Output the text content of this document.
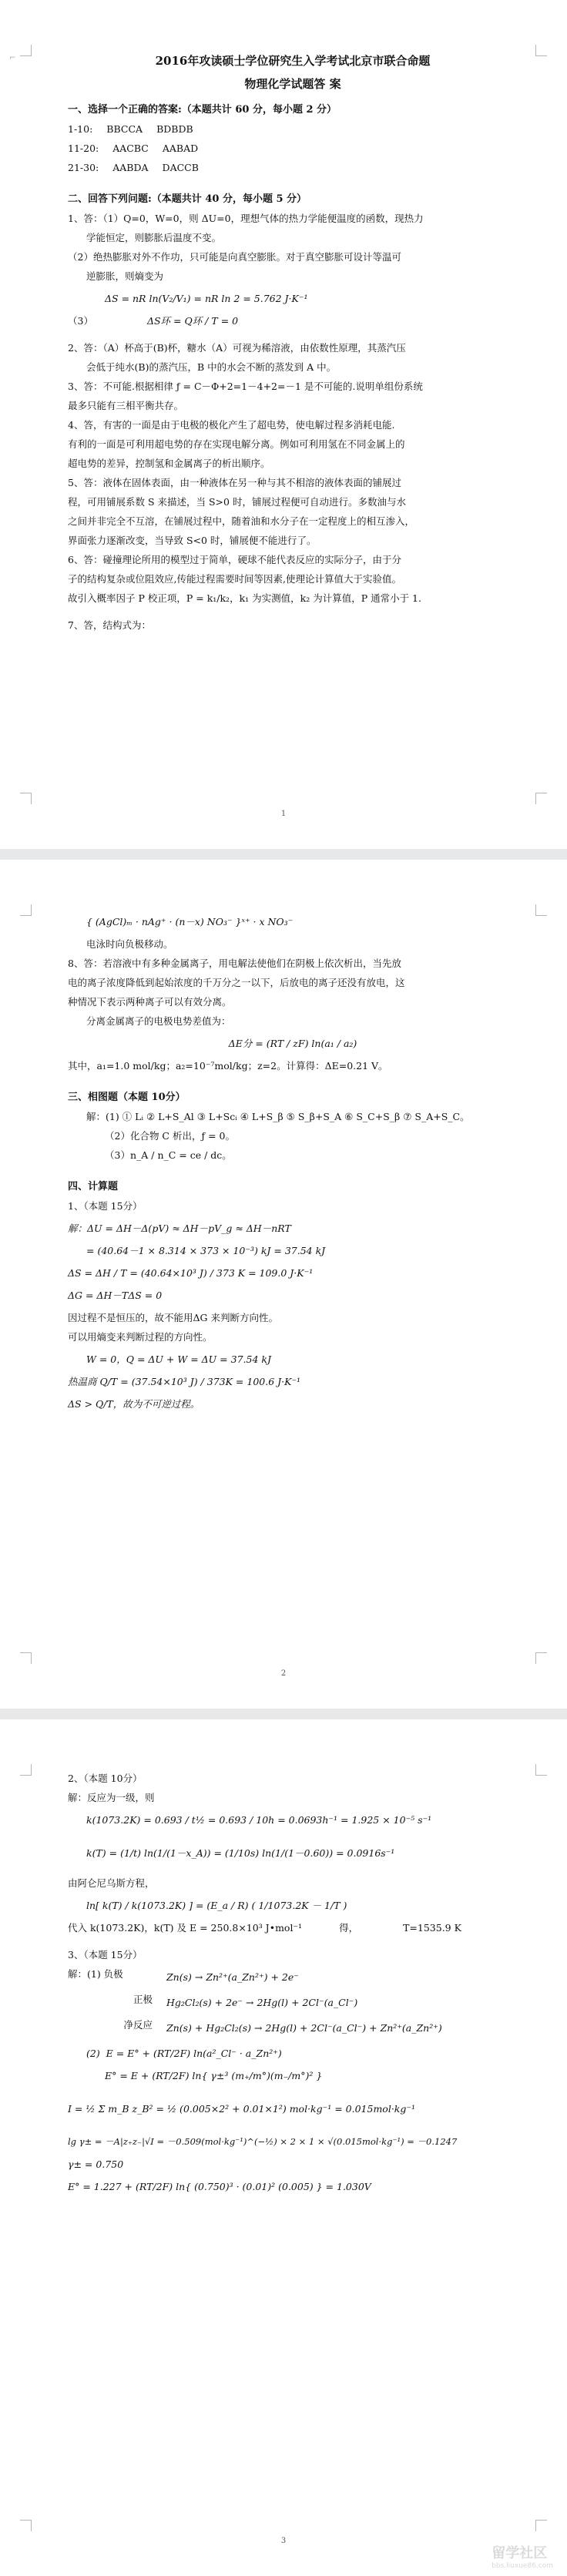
⌐	2016年攻读硕士学位研究生入学考试北京市联合命题
物理化学试题答 案
一、选择一个正确的答案:（本题共计 60 分，每小题 2 分）
1-10: BBCCA BDBDB
11-20: AACBC AABAD
21-30: AABDA DACCB
二、回答下列问题:（本题共计 40 分，每小题 5 分）
1、答：（1）Q=0，W=0，则 ΔU=0，理想气体的热力学能便温度的函数，现热力
学能恒定，则膨胀后温度不变。
（2）绝热膨胀对外不作功，只可能是向真空膨胀。对于真空膨胀可设计等温可
逆膨胀，则熵变为
ΔS = nR ln(V₂/V₁) = nR ln 2 = 5.762 J·K⁻¹
（3）	ΔS环 = Q环 / T = 0
2、答：（A）杯高于(B)杯，糖水（A）可视为稀溶液，由依数性原理，其蒸汽压
会低于纯水(B)的蒸汽压，B 中的水会不断的蒸发到 A 中。
3、答：不可能.根据相律 ƒ = C－Φ+2=1－4+2=－1 是不可能的.说明单组份系统
最多只能有三相平衡共存。
4、答，有害的一面是由于电极的极化产生了超电势，使电解过程多消耗电能.
有利的一面是可利用超电势的存在实现电解分离。例如可利用氢在不同金属上的
超电势的差异，控制氢和金属离子的析出顺序。
5、答：液体在固体表面，由一种液体在另一种与其不相溶的液体表面的铺展过
程，可用铺展系数 S 来描述，当 S>0 时，铺展过程便可自动进行。多数油与水
之间并非完全不互溶，在铺展过程中，随着油和水分子在一定程度上的相互渗入，
界面张力逐渐改变，当导致 S<0 时，铺展便不能进行了。
6、答：碰撞理论所用的模型过于简单，硬球不能代表反应的实际分子，由于分
子的结构复杂或位阻效应,传能过程需要时间等因素,使理论计算值大于实验值。
故引入概率因子 P 校正项，P = k₁/k₂，k₁ 为实测值，k₂ 为计算值，P 通常小于 1.
7、答，结构式为：
1
{ (AgCl)ₘ · nAg⁺ · (n－x) NO₃⁻ }ˣ⁺ · x NO₃⁻
电泳时向负极移动。
8、答：若溶液中有多种金属离子，用电解法使他们在阴极上依次析出，当先放
电的离子浓度降低到起始浓度的千万分之一以下，后放电的离子还没有放电，这
种情况下表示两种离子可以有效分离。
分离金属离子的电极电势差值为：
ΔE分 = (RT / zF) ln(a₁ / a₂)
其中，a₁=1.0 mol/kg；a₂=10⁻⁷mol/kg；z=2。计算得：ΔE=0.21 V。
三、相图题（本题 10分）
解：(1) ① Lᵢ ② L+S_Al ③ L+Scᵢ ④ L+S_β ⑤ S_β+S_A ⑥ S_C+S_β ⑦ S_A+S_C。
（2）化合物 C 析出，ƒ = 0。
（3）n_A / n_C = ce / dc。
四、计算题
1、（本题 15分）
解：ΔU = ΔH－Δ(pV) ≈ ΔH－pV_g ≈ ΔH－nRT
= (40.64－1 × 8.314 × 373 × 10⁻³) kJ = 37.54 kJ
ΔS = ΔH / T = (40.64×10³ J) / 373 K = 109.0 J·K⁻¹
ΔG = ΔH－TΔS = 0
因过程不是恒压的，故不能用ΔG 来判断方向性。
可以用熵变来判断过程的方向性。
W = 0，Q = ΔU + W = ΔU = 37.54 kJ
热温商 Q/T = (37.54×10³ J) / 373K = 100.6 J·K⁻¹
ΔS > Q/T，故为不可逆过程。
2
2、（本题 10分）
解：反应为一级，则
k(1073.2K) = 0.693 / t½ = 0.693 / 10h = 0.0693h⁻¹ = 1.925 × 10⁻⁵ s⁻¹
k(T) = (1/t) ln(1/(1－x_A)) = (1/10s) ln(1/(1－0.60)) = 0.0916s⁻¹
由阿仑尼乌斯方程，
ln[ k(T) / k(1073.2K) ] = (E_a / R) ( 1/1073.2K － 1/T )
代入 k(1073.2K)，k(T) 及 E = 250.8×10³ J•mol⁻¹	得，	T=1535.9 K
3、（本题 15分）
解：(1) 负极	Zn(s) → Zn²⁺(a_Zn²⁺) + 2e⁻
正极 Hg₂Cl₂(s) + 2e⁻ → 2Hg(l) + 2Cl⁻(a_Cl⁻)
净反应 Zn(s) + Hg₂Cl₂(s) → 2Hg(l) + 2Cl⁻(a_Cl⁻) + Zn²⁺(a_Zn²⁺)
(2)  E = E° + (RT/2F) ln(a²_Cl⁻ · a_Zn²⁺)
E° = E + (RT/2F) ln{ γ±³ (m₊/m°)(m₋/m°)² }
I = ½ Σ m_B z_B² = ½ (0.005×2² + 0.01×1²) mol·kg⁻¹ = 0.015mol·kg⁻¹
lg γ± = －A|z₊z₋|√I = －0.509(mol·kg⁻¹)^(−½) × 2 × 1 × √(0.015mol·kg⁻¹) = －0.1247
γ± = 0.750
E° = 1.227 + (RT/2F) ln{ (0.750)³ · (0.01)² (0.005) } = 1.030V
3
留学社区
bbs.liuxue86.com
